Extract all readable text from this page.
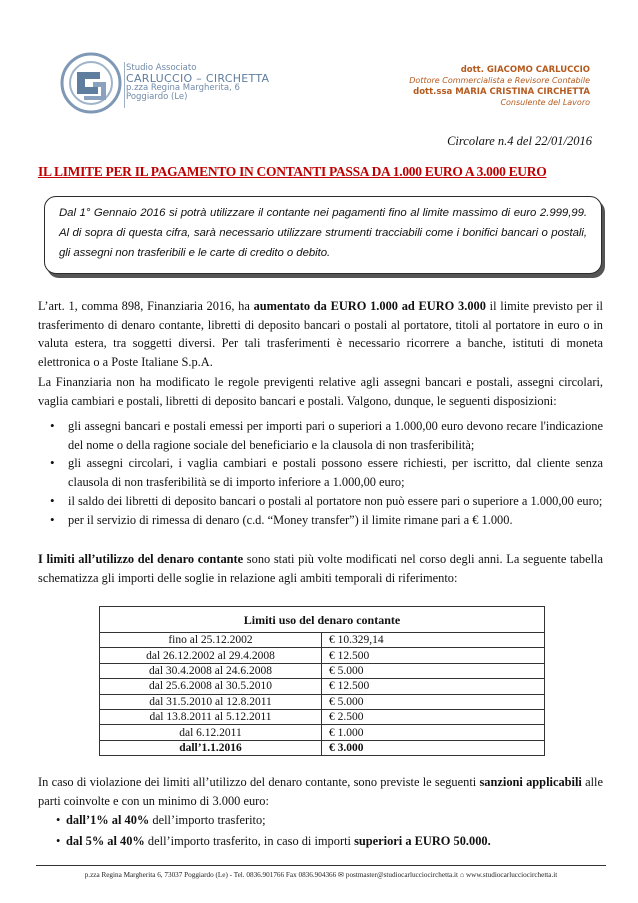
Studio Associato
CARLUCCIO – CIRCHETTA
p.zza Regina Margherita, 6
Poggiardo (Le)
dott. GIACOMO CARLUCCIO
Dottore Commercialista e Revisore Contabile
dott.ssa MARIA CRISTINA CIRCHETTA
Consulente del Lavoro
Circolare n.4 del 22/01/2016
IL LIMITE PER IL PAGAMENTO IN CONTANTI PASSA DA 1.000 EURO A 3.000 EURO

Dal 1° Gennaio 2016 si potrà utilizzare il contante nei pagamenti fino al limite massimo di euro 2.999,99. Al di sopra di questa cifra, sarà necessario utilizzare strumenti tracciabili come i bonifici bancari o postali, gli assegni non trasferibili e le carte di credito o debito.

L’art. 1, comma 898, Finanziaria 2016, ha aumentato da EURO 1.000 ad EURO 3.000 il limite previsto per il trasferimento di denaro contante, libretti di deposito bancari o postali al portatore, titoli al portatore in euro o in valuta estera, tra soggetti diversi. Per tali trasferimenti è necessario ricorrere a banche, istituti di moneta elettronica o a Poste Italiane S.p.A.

La Finanziaria non ha modificato le regole previgenti relative agli assegni bancari e postali, assegni circolari, vaglia cambiari e postali, libretti di deposito bancari e postali. Valgono, dunque, le seguenti disposizioni:

• gli assegni bancari e postali emessi per importi pari o superiori a 1.000,00 euro devono recare l'indicazione del nome o della ragione sociale del beneficiario e la clausola di non trasferibilità;
• gli assegni circolari, i vaglia cambiari e postali possono essere richiesti, per iscritto, dal cliente senza clausola di non trasferibilità se di importo inferiore a 1.000,00 euro;
• il saldo dei libretti di deposito bancari o postali al portatore non può essere pari o superiore a 1.000,00 euro;
• per il servizio di rimessa di denaro (c.d. “Money transfer”) il limite rimane pari a € 1.000.

I limiti all’utilizzo del denaro contante sono stati più volte modificati nel corso degli anni. La seguente tabella schematizza gli importi delle soglie in relazione agli ambiti temporali di riferimento:

Limiti uso del denaro contante	
fino al 25.12.2002	€ 10.329,14
dal 26.12.2002 al 29.4.2008	€ 12.500
dal 30.4.2008 al 24.6.2008	€ 5.000
dal 25.6.2008 al 30.5.2010	€ 12.500
dal 31.5.2010 al 12.8.2011	€ 5.000
dal 13.8.2011 al 5.12.2011	€ 2.500
dal 6.12.2011	€ 1.000
dall’1.1.2016	€ 3.000

In caso di violazione dei limiti all’utilizzo del denaro contante, sono previste le seguenti sanzioni applicabili alle parti coinvolte e con un minimo di 3.000 euro:

• dall’1% al 40% dell’importo trasferito;
• dal 5% al 40% dell’importo trasferito, in caso di importi superiori a EURO 50.000.
p.zza Regina Margherita 6, 73037 Poggiardo (Le) - Tel. 0836.901766 Fax 0836.904366 ✉ postmaster@studiocarlucciocirchetta.it ⌂ www.studiocarlucciocirchetta.it
